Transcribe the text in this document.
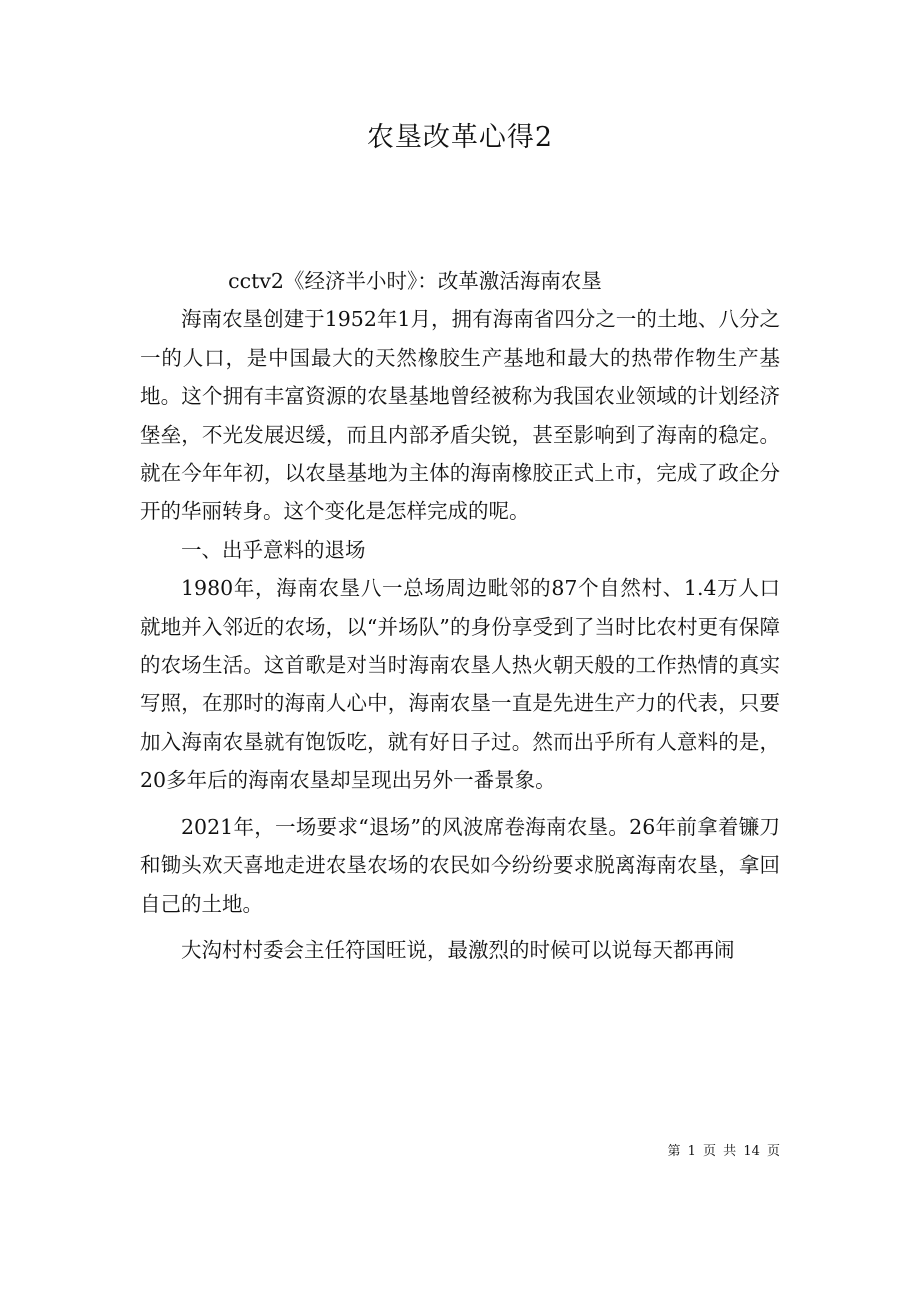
农垦改革心得2

cctv2《经济半小时》：改革激活海南农垦

海南农垦创建于1952年1月，拥有海南省四分之一的土地、八分之一的人口，是中国最大的天然橡胶生产基地和最大的热带作物生产基地。这个拥有丰富资源的农垦基地曾经被称为我国农业领域的计划经济堡垒，不光发展迟缓，而且内部矛盾尖锐，甚至影响到了海南的稳定。就在今年年初，以农垦基地为主体的海南橡胶正式上市，完成了政企分开的华丽转身。这个变化是怎样完成的呢。

一、出乎意料的退场

1980年，海南农垦八一总场周边毗邻的87个自然村、1.4万人口就地并入邻近的农场，以“并场队”的身份享受到了当时比农村更有保障的农场生活。这首歌是对当时海南农垦人热火朝天般的工作热情的真实写照，在那时的海南人心中，海南农垦一直是先进生产力的代表，只要加入海南农垦就有饱饭吃，就有好日子过。然而出乎所有人意料的是，20多年后的海南农垦却呈现出另外一番景象。

2021年，一场要求“退场”的风波席卷海南农垦。26年前拿着镰刀和锄头欢天喜地走进农垦农场的农民如今纷纷要求脱离海南农垦，拿回自己的土地。

大沟村村委会主任符国旺说，最激烈的时候可以说每天都再闹

第 1 页 共 14 页
